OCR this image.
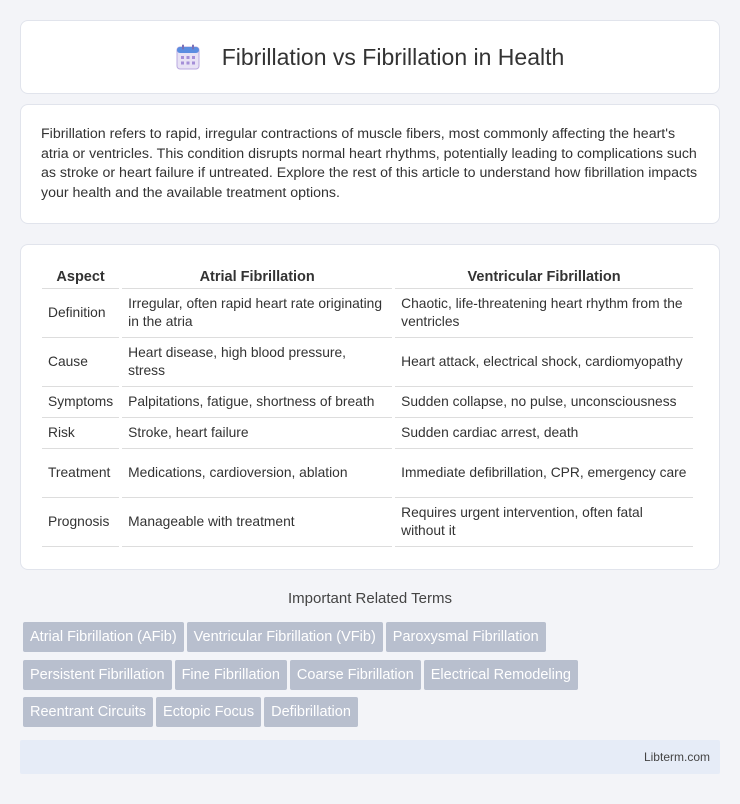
Fibrillation vs Fibrillation in Health

Fibrillation refers to rapid, irregular contractions of muscle fibers, most commonly affecting the heart's atria or ventricles. This condition disrupts normal heart rhythms, potentially leading to complications such as stroke or heart failure if untreated. Explore the rest of this article to understand how fibrillation impacts your health and the available treatment options.

Aspect	Atrial Fibrillation	Ventricular Fibrillation
Definition	Irregular, often rapid heart rate originating in the atria	Chaotic, life-threatening heart rhythm from the ventricles
Cause	Heart disease, high blood pressure, stress	Heart attack, electrical shock, cardiomyopathy
Symptoms	Palpitations, fatigue, shortness of breath	Sudden collapse, no pulse, unconsciousness
Risk	Stroke, heart failure	Sudden cardiac arrest, death
Treatment	Medications, cardioversion, ablation	Immediate defibrillation, CPR, emergency care
Prognosis	Manageable with treatment	Requires urgent intervention, often fatal without it
Important Related Terms
Atrial Fibrillation (AFib) Ventricular Fibrillation (VFib) Paroxysmal Fibrillation
Persistent Fibrillation Fine Fibrillation Coarse Fibrillation Electrical Remodeling
Reentrant Circuits Ectopic Focus Defibrillation
Libterm.com
